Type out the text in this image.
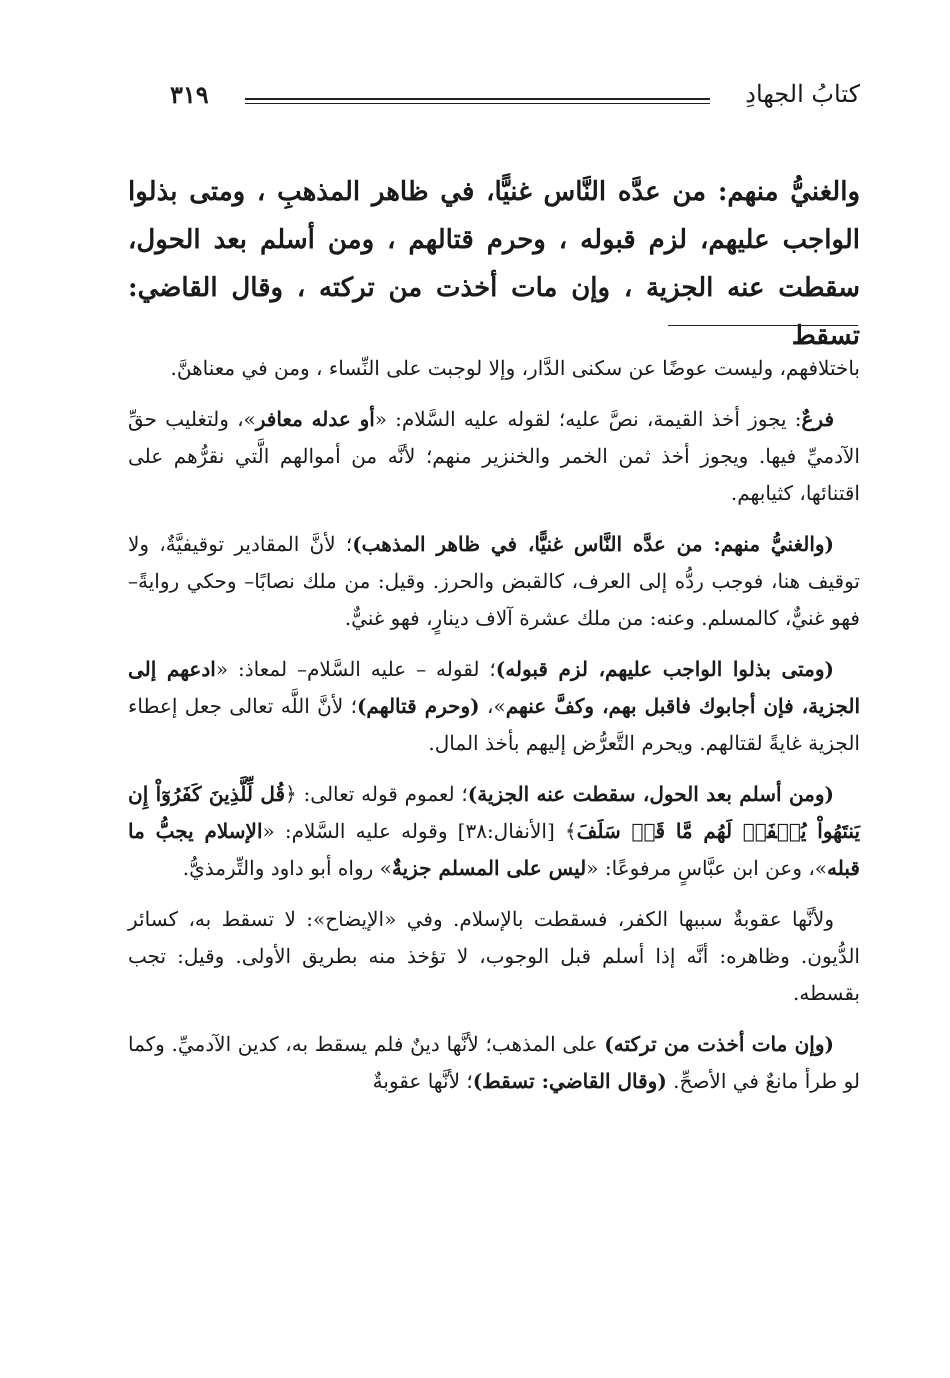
كتابُ الجهادِ
٣١٩

والغنيُّ منهم: من عدَّه النَّاس غنيًّا، في ظاهر المذهبِ ، ومتى بذلوا الواجب عليهم، لزم قبوله ، وحرم قتالهم ، ومن أسلم بعد الحول، سقطت عنه الجزية ، وإن مات أخذت من تركته ، وقال القاضي: تسقط

باختلافهم، وليست عوضًا عن سكنى الدَّار، وإلا لوجبت على النِّساء ، ومن في معناهنَّ.

فرعٌ: يجوز أخذ القيمة، نصَّ عليه؛ لقوله عليه السَّلام: «أو عدله معافر»، ولتغليب حقِّ الآدميِّ فيها. ويجوز أخذ ثمن الخمر والخنزير منهم؛ لأنَّه من أموالهم الَّتي نقرُّهم على اقتنائها، كثيابهم.

(والغنيُّ منهم: من عدَّه النَّاس غنيًّا، في ظاهر المذهب)؛ لأنَّ المقادير توقيفيَّةٌ، ولا توقيف هنا، فوجب ردُّه إلى العرف، كالقبض والحرز. وقيل: من ملك نصابًا– وحكي روايةً– فهو غنيٌّ، كالمسلم. وعنه: من ملك عشرة آلاف دينارٍ، فهو غنيٌّ.

(ومتى بذلوا الواجب عليهم، لزم قبوله)؛ لقوله – عليه السَّلام– لمعاذ: «ادعهم إلى الجزية، فإن أجابوك فاقبل بهم، وكفَّ عنهم»، (وحرم قتالهم)؛ لأنَّ اللَّه تعالى جعل إعطاء الجزية غايةً لقتالهم. ويحرم التَّعرُّض إليهم بأخذ المال.

(ومن أسلم بعد الحول، سقطت عنه الجزية)؛ لعموم قوله تعالى: ﴿قُل لِّلَّذِينَ كَفَرُوٓاْ إِن يَنتَهُواْ يُغۡفَرۡ لَهُم مَّا قَدۡ سَلَفَ﴾ [الأنفال:٣٨] وقوله عليه السَّلام: «الإسلام يجبُّ ما قبله»، وعن ابن عبَّاسٍ مرفوعًا: «ليس على المسلم جزيةٌ» رواه أبو داود والتِّرمذيُّ.

ولأنَّها عقوبةٌ سببها الكفر، فسقطت بالإسلام. وفي «الإيضاح»: لا تسقط به، كسائر الدُّيون. وظاهره: أنَّه إذا أسلم قبل الوجوب، لا تؤخذ منه بطريق الأولى. وقيل: تجب بقسطه.

(وإن مات أخذت من تركته) على المذهب؛ لأنَّها دينٌ فلم يسقط به، كدين الآدميِّ. وكما لو طرأ مانعٌ في الأصحِّ. (وقال القاضي: تسقط)؛ لأنَّها عقوبةٌ
